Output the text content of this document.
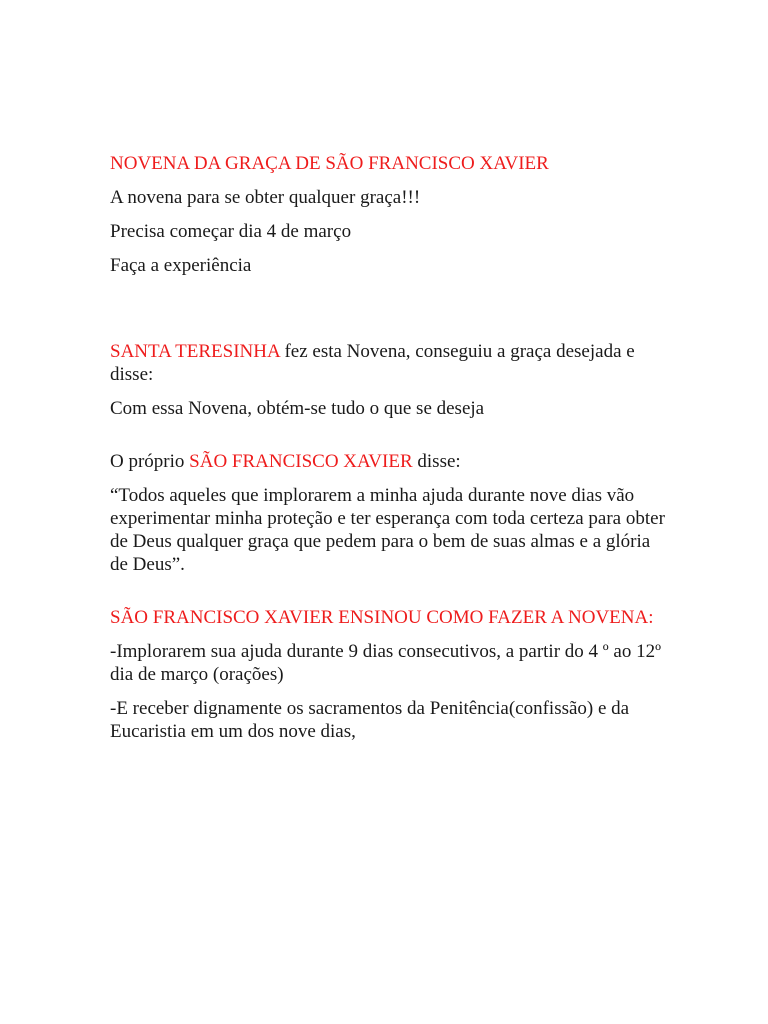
NOVENA DA GRAÇA DE SÃO FRANCISCO XAVIER

A novena para se obter qualquer graça!!!

Precisa começar dia 4 de março

Faça a experiência

SANTA TERESINHA fez esta Novena, conseguiu a graça desejada e disse:

Com essa Novena, obtém-se tudo o que se deseja

O próprio SÃO FRANCISCO XAVIER disse:

“Todos aqueles que implorarem a minha ajuda durante nove dias vão experimentar minha proteção e ter esperança com toda certeza para obter de Deus qualquer graça que pedem para o bem de suas almas e a glória de Deus”.

SÃO FRANCISCO XAVIER ENSINOU COMO FAZER A NOVENA:

-Implorarem sua ajuda durante 9 dias consecutivos, a partir do 4 º ao 12º dia de março (orações)

-E receber dignamente os sacramentos da Penitência(confissão) e da Eucaristia em um dos nove dias,
